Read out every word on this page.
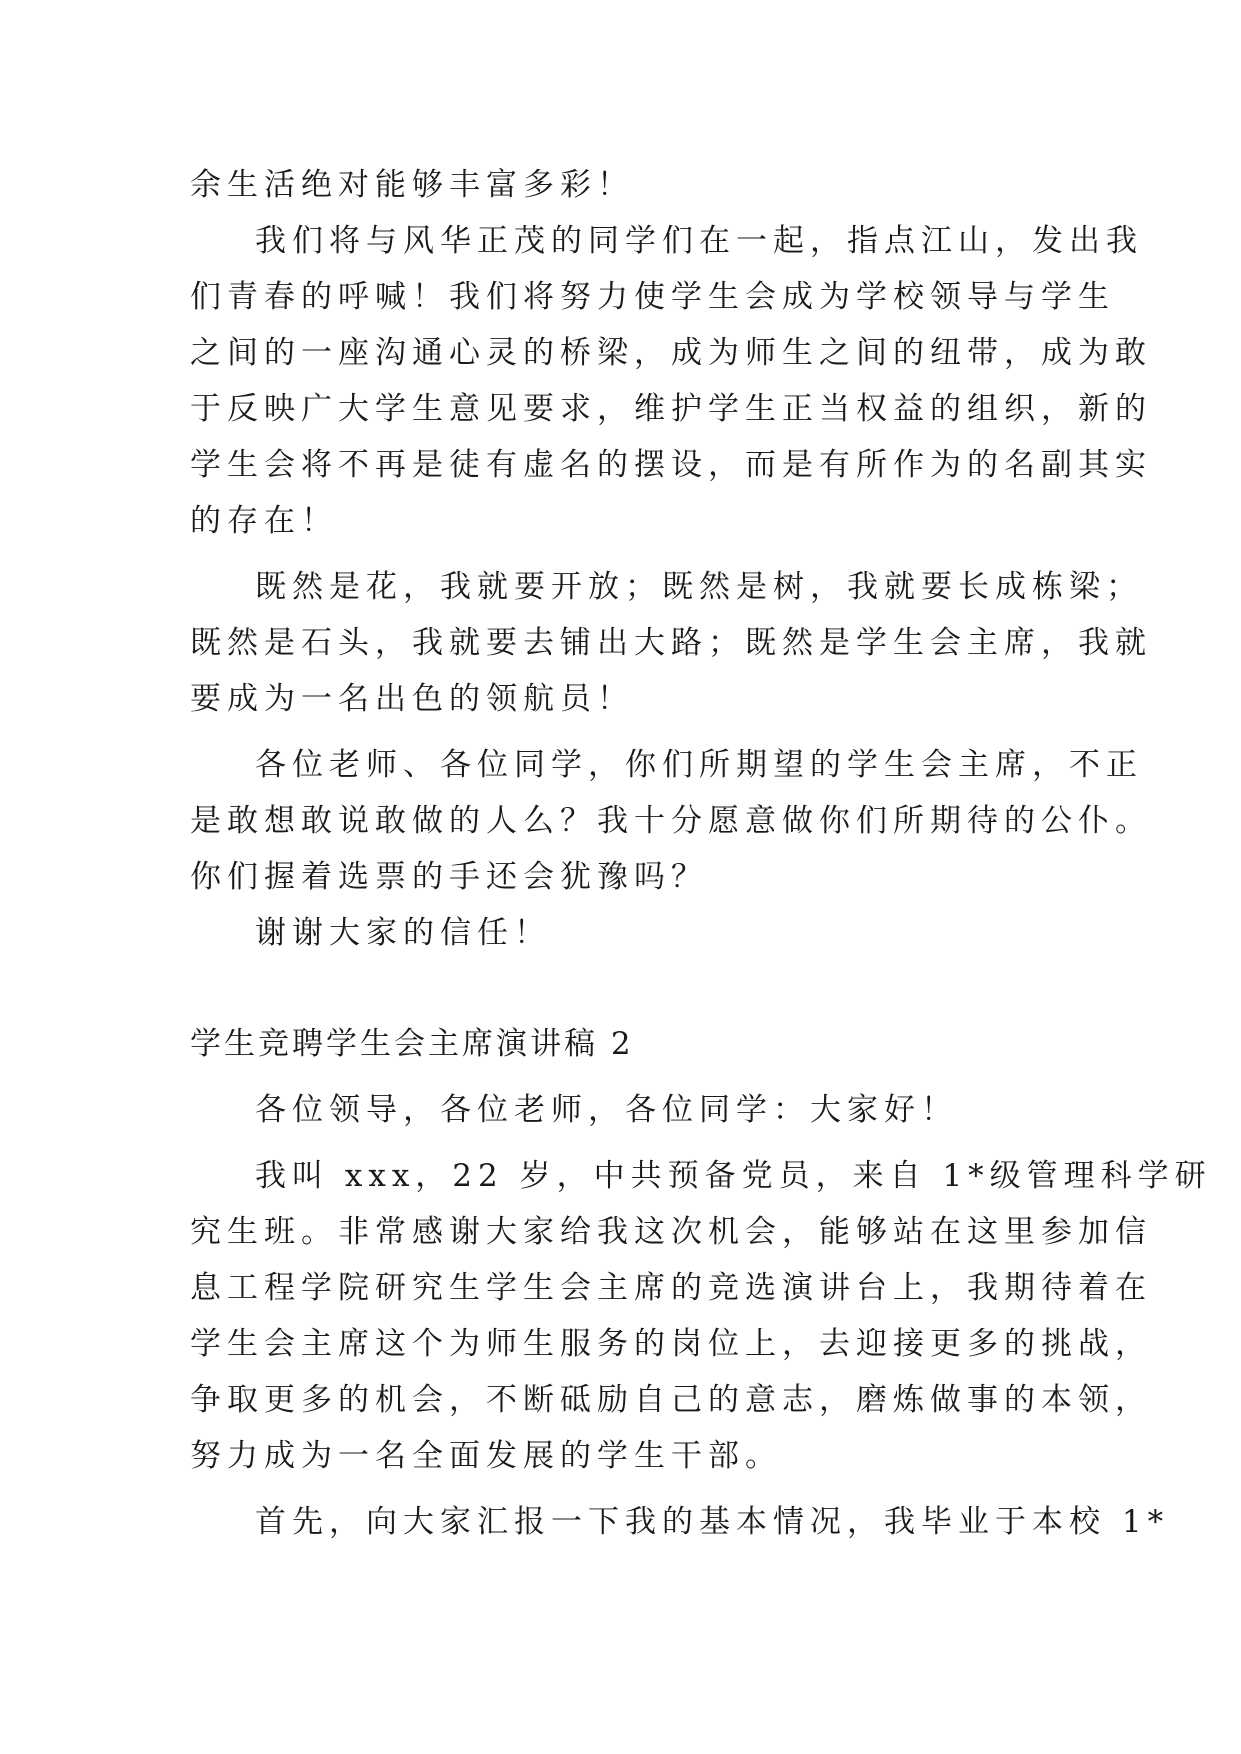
余生活绝对能够丰富多彩！
我们将与风华正茂的同学们在一起，指点江山，发出我
们青春的呼喊！我们将努力使学生会成为学校领导与学生
之间的一座沟通心灵的桥梁，成为师生之间的纽带，成为敢
于反映广大学生意见要求，维护学生正当权益的组织，新的
学生会将不再是徒有虚名的摆设，而是有所作为的名副其实
的存在！
既然是花，我就要开放；既然是树，我就要长成栋梁；
既然是石头，我就要去铺出大路；既然是学生会主席，我就
要成为一名出色的领航员！
各位老师、各位同学，你们所期望的学生会主席，不正
是敢想敢说敢做的人么？我十分愿意做你们所期待的公仆。
你们握着选票的手还会犹豫吗？
谢谢大家的信任！
学生竞聘学生会主席演讲稿 2
各位领导，各位老师，各位同学：大家好！
我叫 xxx，22 岁，中共预备党员，来自 1*级管理科学研
究生班。非常感谢大家给我这次机会，能够站在这里参加信
息工程学院研究生学生会主席的竞选演讲台上，我期待着在
学生会主席这个为师生服务的岗位上，去迎接更多的挑战，
争取更多的机会，不断砥励自己的意志，磨炼做事的本领，
努力成为一名全面发展的学生干部。
首先，向大家汇报一下我的基本情况，我毕业于本校 1*
